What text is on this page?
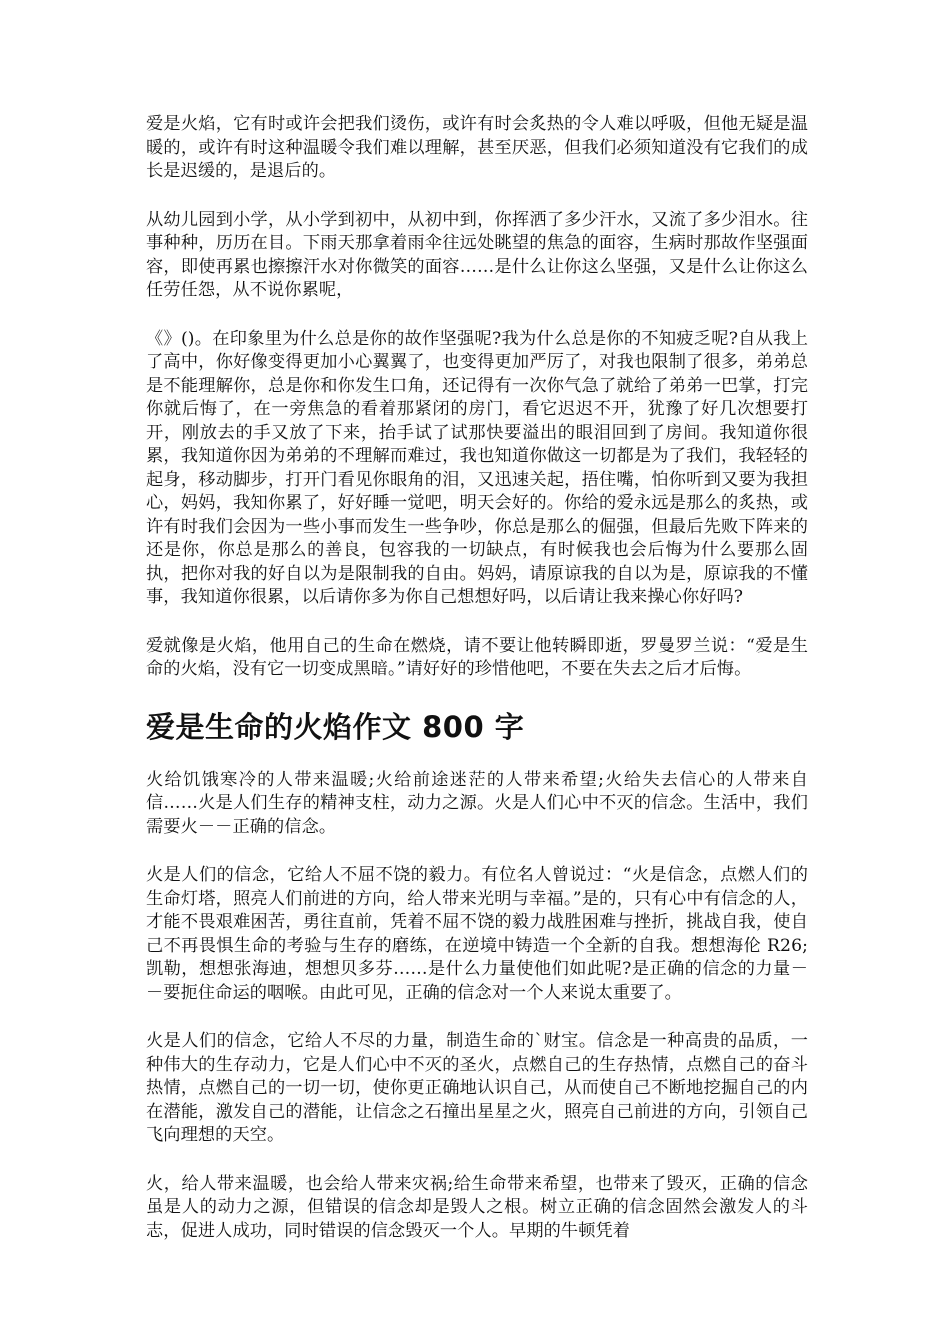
爱是火焰，它有时或许会把我们烫伤，或许有时会炙热的令人难以呼吸，但他无疑是温暖的，或许有时这种温暖令我们难以理解，甚至厌恶，但我们必须知道没有它我们的成长是迟缓的，是退后的。

从幼儿园到小学，从小学到初中，从初中到，你挥洒了多少汗水，又流了多少泪水。往事种种，历历在目。下雨天那拿着雨伞往远处眺望的焦急的面容，生病时那故作坚强面容，即使再累也擦擦汗水对你微笑的面容……是什么让你这么坚强，又是什么让你这么任劳任怨，从不说你累呢，

《》()。在印象里为什么总是你的故作坚强呢?我为什么总是你的不知疲乏呢?自从我上了高中，你好像变得更加小心翼翼了，也变得更加严厉了，对我也限制了很多，弟弟总是不能理解你，总是你和你发生口角，还记得有一次你气急了就给了弟弟一巴掌，打完你就后悔了，在一旁焦急的看着那紧闭的房门，看它迟迟不开，犹豫了好几次想要打开，刚放去的手又放了下来，抬手试了试那快要溢出的眼泪回到了房间。我知道你很累，我知道你因为弟弟的不理解而难过，我也知道你做这一切都是为了我们，我轻轻的起身，移动脚步，打开门看见你眼角的泪，又迅速关起，捂住嘴，怕你听到又要为我担心，妈妈，我知你累了，好好睡一觉吧，明天会好的。你给的爱永远是那么的炙热，或许有时我们会因为一些小事而发生一些争吵，你总是那么的倔强，但最后先败下阵来的还是你，你总是那么的善良，包容我的一切缺点，有时候我也会后悔为什么要那么固执，把你对我的好自以为是限制我的自由。妈妈，请原谅我的自以为是，原谅我的不懂事，我知道你很累，以后请你多为你自己想想好吗，以后请让我来操心你好吗?

爱就像是火焰，他用自己的生命在燃烧，请不要让他转瞬即逝，罗曼罗兰说：“爱是生命的火焰，没有它一切变成黑暗。”请好好的珍惜他吧，不要在失去之后才后悔。

爱是生命的火焰作文 800 字

火给饥饿寒冷的人带来温暖;火给前途迷茫的人带来希望;火给失去信心的人带来自信……火是人们生存的精神支柱，动力之源。火是人们心中不灭的信念。生活中，我们需要火－－正确的信念。

火是人们的信念，它给人不屈不饶的毅力。有位名人曾说过：“火是信念，点燃人们的生命灯塔，照亮人们前进的方向，给人带来光明与幸福。”是的，只有心中有信念的人，才能不畏艰难困苦，勇往直前，凭着不屈不饶的毅力战胜困难与挫折，挑战自我，使自己不再畏惧生命的考验与生存的磨练，在逆境中铸造一个全新的自我。想想海伦 R26;凯勒，想想张海迪，想想贝多芬……是什么力量使他们如此呢?是正确的信念的力量－－要扼住命运的咽喉。由此可见，正确的信念对一个人来说太重要了。

火是人们的信念，它给人不尽的力量，制造生命的`财宝。信念是一种高贵的品质，一种伟大的生存动力，它是人们心中不灭的圣火，点燃自己的生存热情，点燃自己的奋斗热情，点燃自己的一切一切，使你更正确地认识自己，从而使自己不断地挖掘自己的内在潜能，激发自己的潜能，让信念之石撞出星星之火，照亮自己前进的方向，引领自己飞向理想的天空。

火，给人带来温暖，也会给人带来灾祸;给生命带来希望，也带来了毁灭，正确的信念虽是人的动力之源，但错误的信念却是毁人之根。树立正确的信念固然会激发人的斗志，促进人成功，同时错误的信念毁灭一个人。早期的牛顿凭着
